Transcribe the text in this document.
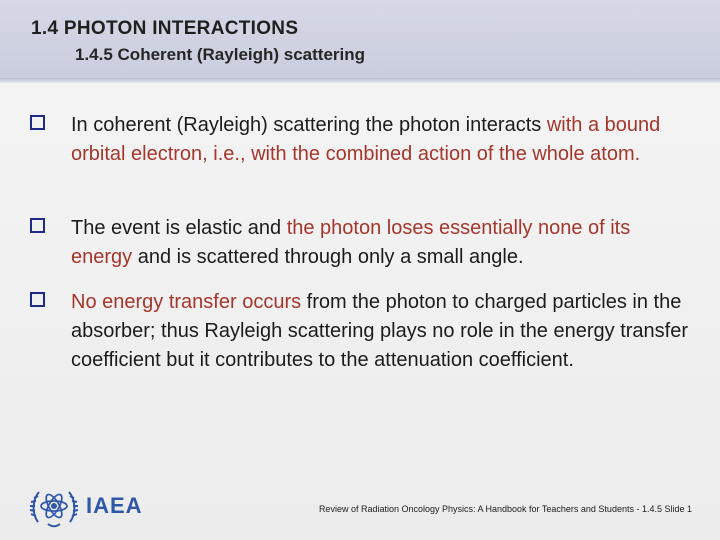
1.4 PHOTON INTERACTIONS
1.4.5 Coherent (Rayleigh) scattering

In coherent (Rayleigh) scattering the photon interacts with a bound orbital electron, i.e., with the combined action of the whole atom.

The event is elastic and the photon loses essentially none of its energy and is scattered through only a small angle.

No energy transfer occurs from the photon to charged particles in the absorber; thus Rayleigh scattering plays no role in the energy transfer coefficient but it contributes to the attenuation coefficient.

IAEA	Review of Radiation Oncology Physics: A Handbook for Teachers and Students - 1.4.5 Slide 1
